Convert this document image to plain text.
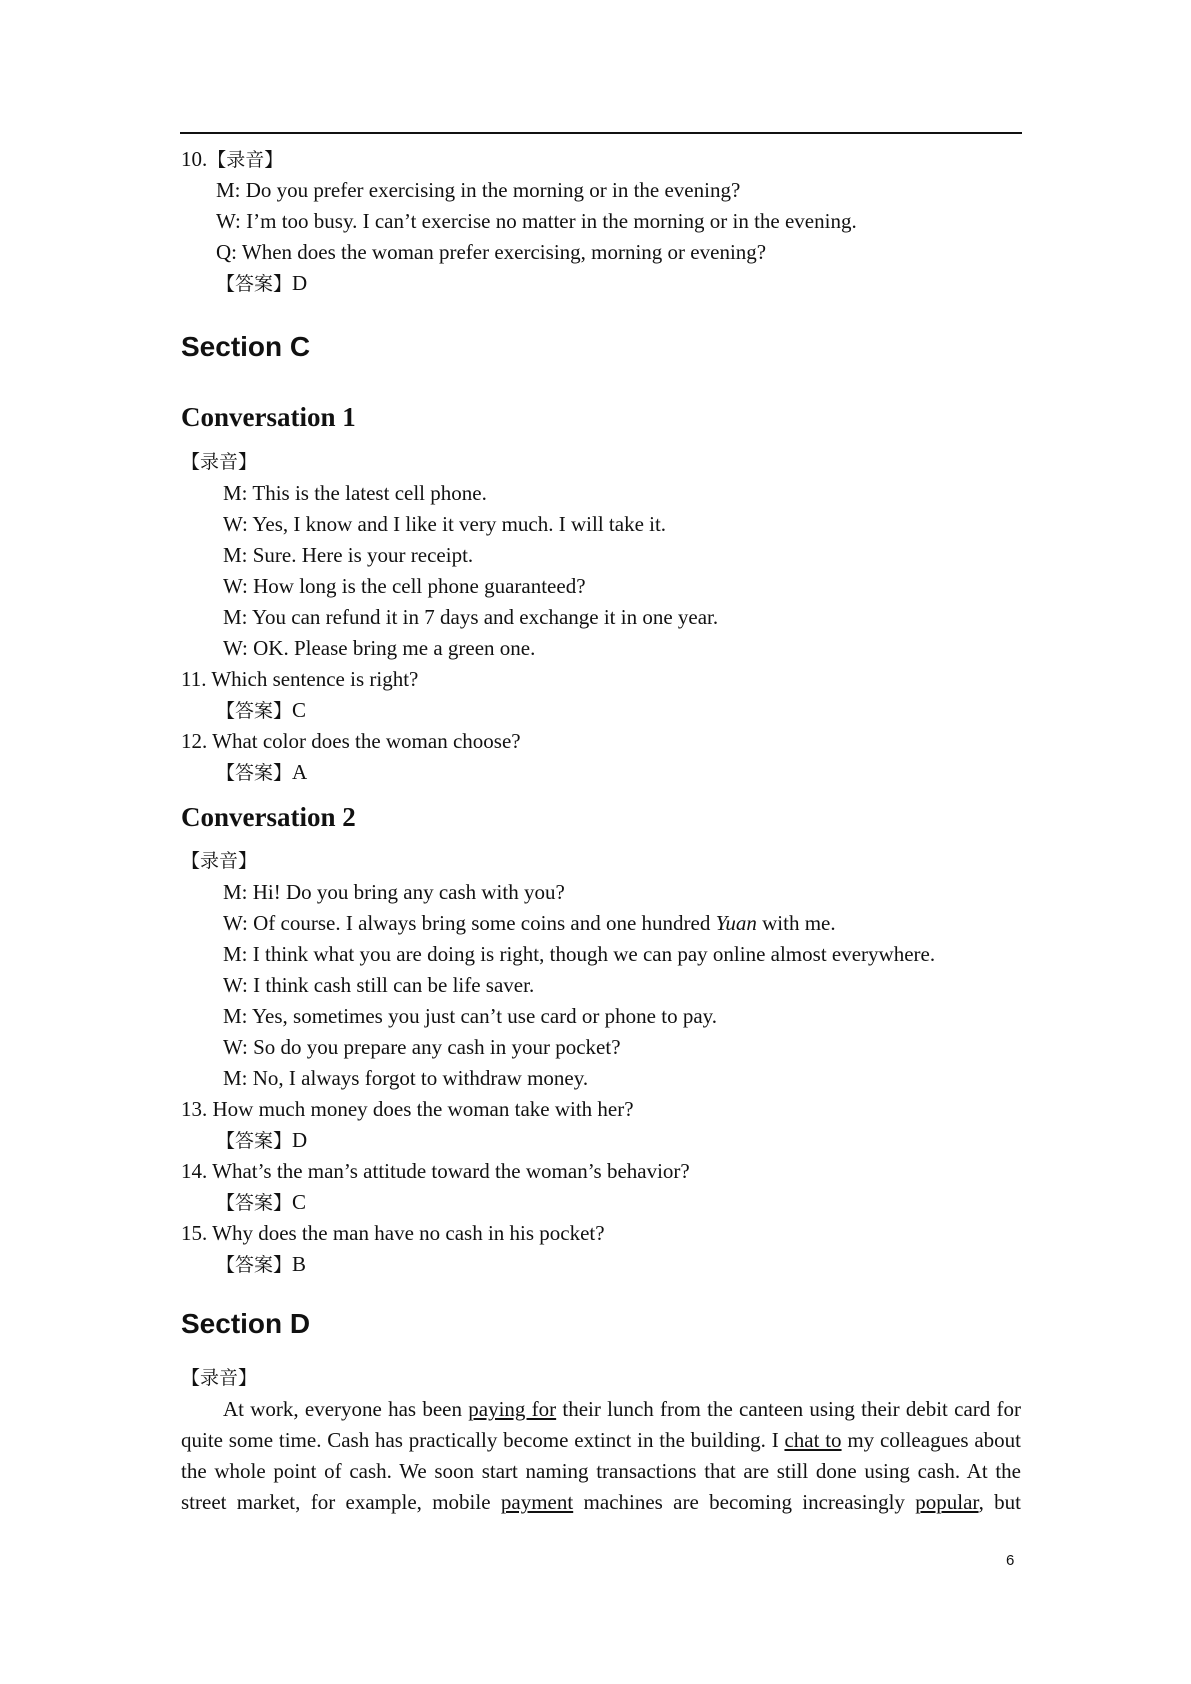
10.【录音】
M: Do you prefer exercising in the morning or in the evening?
W: I’m too busy. I can’t exercise no matter in the morning or in the evening.
Q: When does the woman prefer exercising, morning or evening?
【答案】D
Section C
Conversation 1
【录音】
M: This is the latest cell phone.
W: Yes, I know and I like it very much. I will take it.
M: Sure. Here is your receipt.
W: How long is the cell phone guaranteed?
M: You can refund it in 7 days and exchange it in one year.
W: OK. Please bring me a green one.
11. Which sentence is right?
【答案】C
12. What color does the woman choose?
【答案】A
Conversation 2
【录音】
M: Hi! Do you bring any cash with you?
W: Of course. I always bring some coins and one hundred Yuan with me.
M: I think what you are doing is right, though we can pay online almost everywhere.
W: I think cash still can be life saver.
M: Yes, sometimes you just can’t use card or phone to pay.
W: So do you prepare any cash in your pocket?
M: No, I always forgot to withdraw money.
13. How much money does the woman take with her?
【答案】D
14. What’s the man’s attitude toward the woman’s behavior?
【答案】C
15. Why does the man have no cash in his pocket?
【答案】B
Section D
【录音】
At work, everyone has been paying for their lunch from the canteen using their debit card for quite some time. Cash has practically become extinct in the building. I chat to my colleagues about the whole point of cash. We soon start naming transactions that are still done using cash. At the street market, for example, mobile payment machines are becoming increasingly popular, but
6
